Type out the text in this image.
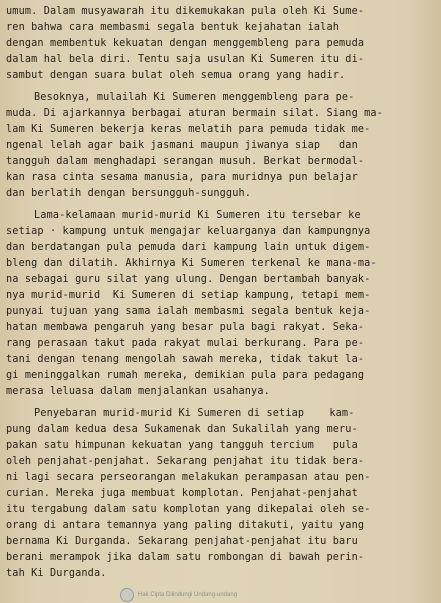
umum. Dalam musyawarah itu dikemukakan pula oleh Ki Sume-
ren bahwa cara membasmi segala bentuk kejahatan ialah
dengan membentuk kekuatan dengan menggembleng para pemuda
dalam hal bela diri. Tentu saja usulan Ki Sumeren itu di-
sambut dengan suara bulat oleh semua orang yang hadir.
Besoknya, mulailah Ki Sumeren menggembleng para pe-
muda. Di ajarkannya berbagai aturan bermain silat. Siang ma-
lam Ki Sumeren bekerja keras melatih para pemuda tidak me-
ngenal lelah agar baik jasmani maupun jiwanya siap   dan
tangguh dalam menghadapi serangan musuh. Berkat bermodal-
kan rasa cinta sesama manusia, para muridnya pun belajar
dan berlatih dengan bersungguh-sungguh.
Lama-kelamaan murid-murid Ki Sumeren itu tersebar ke
setiap · kampung untuk mengajar keluarganya dan kampungnya
dan berdatangan pula pemuda dari kampung lain untuk digem-
bleng dan dilatih. Akhirnya Ki Sumeren terkenal ke mana-ma-
na sebagai guru silat yang ulung. Dengan bertambah banyak-
nya murid-murid  Ki Sumeren di setiap kampung, tetapi mem-
punyai tujuan yang sama ialah membasmi segala bentuk keja-
hatan membawa pengaruh yang besar pula bagi rakyat. Seka-
rang perasaan takut pada rakyat mulai berkurang. Para pe-
tani dengan tenang mengolah sawah mereka, tidak takut la-
gi meninggalkan rumah mereka, demikian pula para pedagang
merasa leluasa dalam menjalankan usahanya.
Penyebaran murid-murid Ki Sumeren di setiap    kam-
pung dalam kedua desa Sukamenak dan Sukalilah yang meru-
pakan satu himpunan kekuatan yang tangguh tercium   pula
oleh penjahat-penjahat. Sekarang penjahat itu tidak bera-
ni lagi secara perseorangan melakukan perampasan atau pen-
curian. Mereka juga membuat komplotan. Penjahat-penjahat
itu tergabung dalam satu komplotan yang dikepalai oleh se-
orang di antara temannya yang paling ditakuti, yaitu yang
bernama Ki Durganda. Sekarang penjahat-penjahat itu baru
berani merampok jika dalam satu rombongan di bawah perin-
tah Ki Durganda.
Hak Cipta Dilindungi Undang-undang
